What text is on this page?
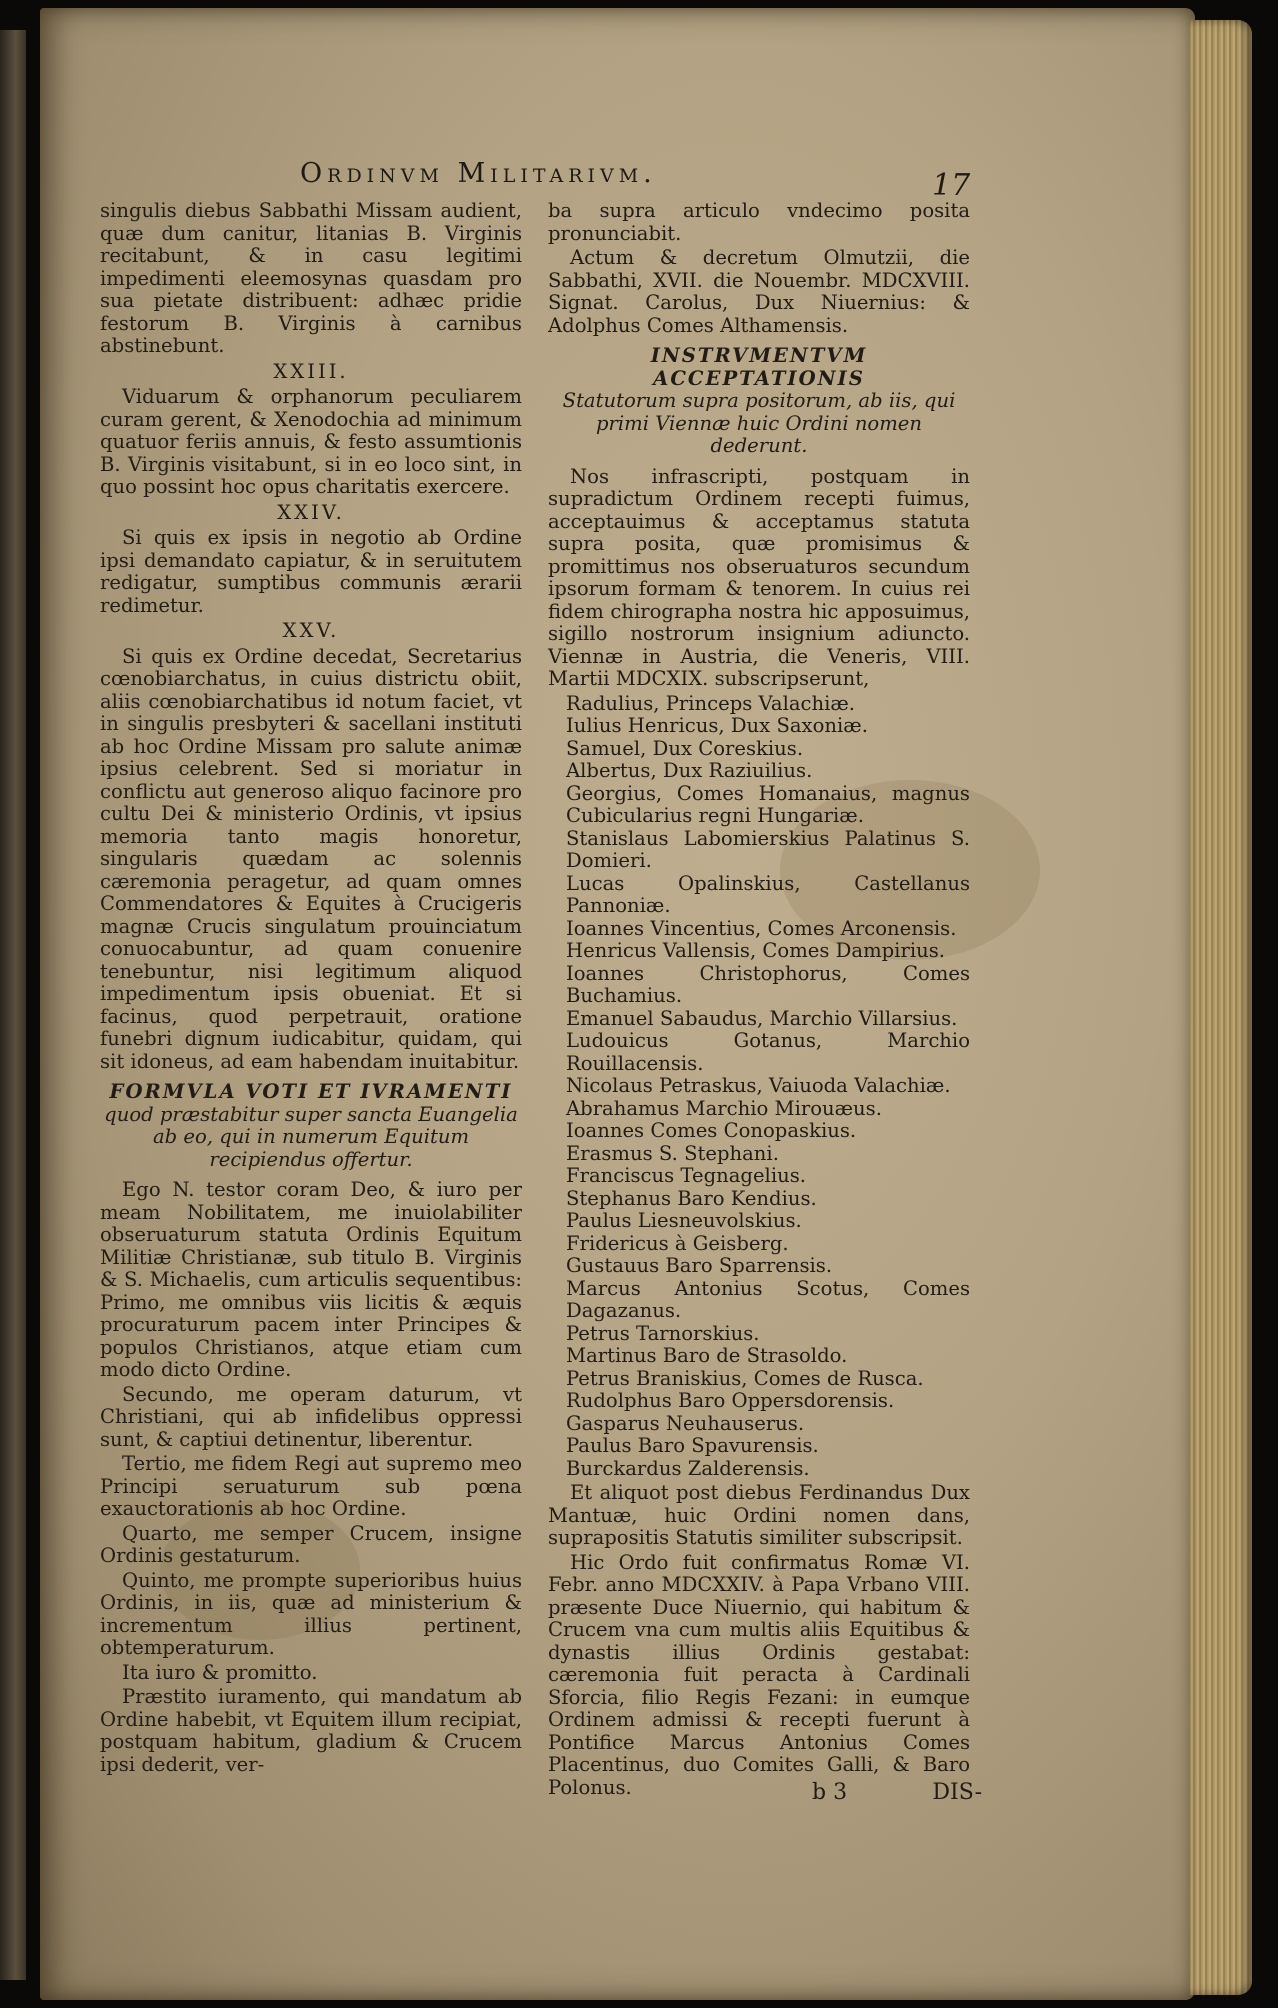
Ordinvm Militarivm.	17

singulis diebus Sabbathi Missam audient, quæ dum canitur, litanias B. Virginis recitabunt, & in casu legitimi impedimenti eleemosynas quasdam pro sua pietate distribuent: adhæc pridie festorum B. Virginis à carnibus abstinebunt.

XXIII.

Viduarum & orphanorum peculiarem curam gerent, & Xenodochia ad minimum quatuor feriis annuis, & festo assumtionis B. Virginis visitabunt, si in eo loco sint, in quo possint hoc opus charitatis exercere.

XXIV.

Si quis ex ipsis in negotio ab Ordine ipsi demandato capiatur, & in seruitutem redigatur, sumptibus communis ærarii redimetur.

XXV.

Si quis ex Ordine decedat, Secretarius cœnobiarchatus, in cuius districtu obiit, aliis cœnobiarchatibus id notum faciet, vt in singulis presbyteri & sacellani instituti ab hoc Ordine Missam pro salute animæ ipsius celebrent. Sed si moriatur in conflictu aut generoso aliquo facinore pro cultu Dei & ministerio Ordinis, vt ipsius memoria tanto magis honoretur, singularis quædam ac solennis cæremonia peragetur, ad quam omnes Commendatores & Equites à Crucigeris magnæ Crucis singulatum prouinciatum conuocabuntur, ad quam conuenire tenebuntur, nisi legitimum aliquod impedimentum ipsis obueniat. Et si facinus, quod perpetrauit, oratione funebri dignum iudicabitur, quidam, qui sit idoneus, ad eam habendam inuitabitur.

FORMVLA VOTI ET IVRAMENTI

quod præstabitur super sancta Euangelia ab eo, qui in numerum Equitum recipiendus offertur.

Ego N. testor coram Deo, & iuro per meam Nobilitatem, me inuiolabiliter obseruaturum statuta Ordinis Equitum Militiæ Christianæ, sub titulo B. Virginis & S. Michaelis, cum articulis sequentibus: Primo, me omnibus viis licitis & æquis procuraturum pacem inter Principes & populos Christianos, atque etiam cum modo dicto Ordine.

Secundo, me operam daturum, vt Christiani, qui ab infidelibus oppressi sunt, & captiui detinentur, liberentur.

Tertio, me fidem Regi aut supremo meo Principi seruaturum sub pœna exauctorationis ab hoc Ordine.

Quarto, me semper Crucem, insigne Ordinis gestaturum.

Quinto, me prompte superioribus huius Ordinis, in iis, quæ ad ministerium & incrementum illius pertinent, obtemperaturum.

Ita iuro & promitto.

Præstito iuramento, qui mandatum ab Ordine habebit, vt Equitem illum recipiat, postquam habitum, gladium & Crucem ipsi dederit, ver-

ba supra articulo vndecimo posita pronunciabit.

Actum & decretum Olmutzii, die Sabbathi, XVII. die Nouembr. MDCXVIII. Signat. Carolus, Dux Niuernius: & Adolphus Comes Althamensis.

INSTRVMENTVM ACCEPTATIONIS

Statutorum supra positorum, ab iis, qui primi Viennæ huic Ordini nomen dederunt.

Nos infrascripti, postquam in supradictum Ordinem recepti fuimus, acceptauimus & acceptamus statuta supra posita, quæ promisimus & promittimus nos obseruaturos secundum ipsorum formam & tenorem. In cuius rei fidem chirographa nostra hic apposuimus, sigillo nostrorum insignium adiuncto. Viennæ in Austria, die Veneris, VIII. Martii MDCXIX. subscripserunt,

Radulius, Princeps Valachiæ.
Iulius Henricus, Dux Saxoniæ.
Samuel, Dux Coreskius.
Albertus, Dux Raziuilius.
Georgius, Comes Homanaius, magnus Cubicularius regni Hungariæ.
Stanislaus Labomierskius Palatinus S. Domieri.
Lucas Opalinskius, Castellanus Pannoniæ.
Ioannes Vincentius, Comes Arconensis.
Henricus Vallensis, Comes Dampirius.
Ioannes Christophorus, Comes Buchamius.
Emanuel Sabaudus, Marchio Villarsius.
Ludouicus Gotanus, Marchio Rouillacensis.
Nicolaus Petraskus, Vaiuoda Valachiæ.
Abrahamus Marchio Mirouæus.
Ioannes Comes Conopaskius.
Erasmus S. Stephani.
Franciscus Tegnagelius.
Stephanus Baro Kendius.
Paulus Liesneuvolskius.
Fridericus à Geisberg.
Gustauus Baro Sparrensis.
Marcus Antonius Scotus, Comes Dagazanus.
Petrus Tarnorskius.
Martinus Baro de Strasoldo.
Petrus Braniskius, Comes de Rusca.
Rudolphus Baro Oppersdorensis.
Gasparus Neuhauserus.
Paulus Baro Spavurensis.
Burckardus Zalderensis.

Et aliquot post diebus Ferdinandus Dux Mantuæ, huic Ordini nomen dans, suprapositis Statutis similiter subscripsit.

Hic Ordo fuit confirmatus Romæ VI. Febr. anno MDCXXIV. à Papa Vrbano VIII. præsente Duce Niuernio, qui habitum & Crucem vna cum multis aliis Equitibus & dynastis illius Ordinis gestabat: cæremonia fuit peracta à Cardinali Sforcia, filio Regis Fezani: in eumque Ordinem admissi & recepti fuerunt à Pontifice Marcus Antonius Comes Placentinus, duo Comites Galli, & Baro Polonus.	b 3	DIS-
